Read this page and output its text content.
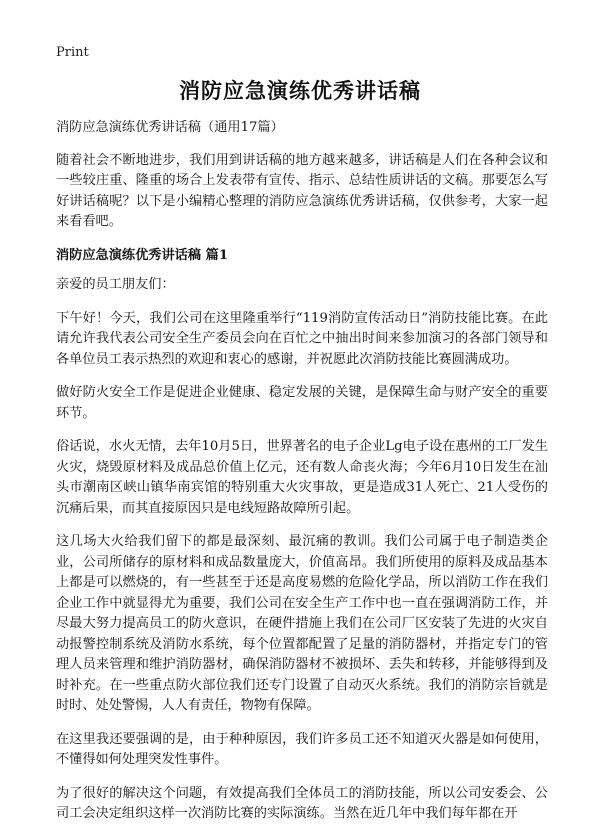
Print
消防应急演练优秀讲话稿

消防应急演练优秀讲话稿（通用17篇）

随着社会不断地进步，我们用到讲话稿的地方越来越多，讲话稿是人们在各种会议和一些较庄重、隆重的场合上发表带有宣传、指示、总结性质讲话的文稿。那要怎么写好讲话稿呢？以下是小编精心整理的消防应急演练优秀讲话稿，仅供参考，大家一起来看看吧。

消防应急演练优秀讲话稿 篇1

亲爱的员工朋友们：

下午好！今天，我们公司在这里隆重举行“119消防宣传活动日”消防技能比赛。在此请允许我代表公司安全生产委员会向在百忙之中抽出时间来参加演习的各部门领导和各单位员工表示热烈的欢迎和衷心的感谢，并祝愿此次消防技能比赛圆满成功。

做好防火安全工作是促进企业健康、稳定发展的关键，是保障生命与财产安全的重要环节。

俗话说，水火无情，去年10月5日，世界著名的电子企业Lg电子设在惠州的工厂发生火灾，烧毁原材料及成品总价值上亿元，还有数人命丧火海；今年6月10日发生在汕头市潮南区峡山镇华南宾馆的特别重大火灾事故，更是造成31人死亡、21人受伤的沉痛后果，而其直接原因只是电线短路故障所引起。

这几场大火给我们留下的都是最深刻、最沉痛的教训。我们公司属于电子制造类企业，公司所储存的原材料和成品数量庞大，价值高昂。我们所使用的原料及成品基本上都是可以燃烧的，有一些甚至于还是高度易燃的危险化学品，所以消防工作在我们企业工作中就显得尤为重要，我们公司在安全生产工作中也一直在强调消防工作，并尽最大努力提高员工的防火意识，在硬件措施上我们在公司厂区安装了先进的火灾自动报警控制系统及消防水系统，每个位置都配置了足量的消防器材，并指定专门的管理人员来管理和维护消防器材，确保消防器材不被损坏、丢失和转移，并能够得到及时补充。在一些重点防火部位我们还专门设置了自动灭火系统。我们的消防宗旨就是时时、处处警惕，人人有责任，物物有保障。

在这里我还要强调的是，由于种种原因，我们许多员工还不知道灭火器是如何使用，不懂得如何处理突发性事件。

为了很好的解决这个问题，有效提高我们全体员工的消防技能，所以公司安委会、公司工会决定组织这样一次消防比赛的实际演练。当然在近几年中我们每年都在开
